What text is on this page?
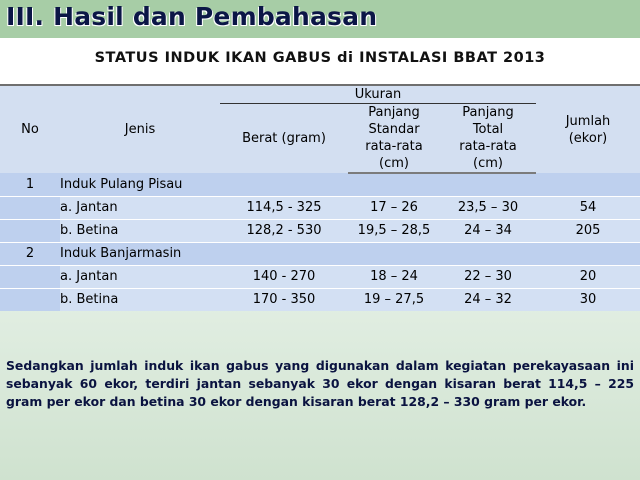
III. Hasil dan Pembahasan
STATUS INDUK IKAN GABUS di INSTALASI BBAT 2013
No	Jenis	Ukuran			Jumlah
(ekor)

		Berat (gram)	Panjang	Panjang	
			Standar	Total	
			rata-rata	rata-rata	
			(cm)	(cm)	
1	Induk Pulang Pisau				
	a. Jantan	114,5 - 325	17 – 26	23,5 – 30	54
	b. Betina	128,2 - 530	19,5 – 28,5	24 – 34	205
2	Induk Banjarmasin				
	a. Jantan	140 - 270	18 – 24	22 – 30	20
	b. Betina	170 - 350	19 – 27,5	24 – 32	30

Sedangkan jumlah induk ikan gabus yang digunakan dalam kegiatan perekayasaan ini sebanyak 60 ekor, terdiri jantan sebanyak 30 ekor dengan kisaran berat 114,5 – 225 gram per ekor dan betina 30 ekor dengan kisaran berat 128,2 – 330 gram per ekor.
